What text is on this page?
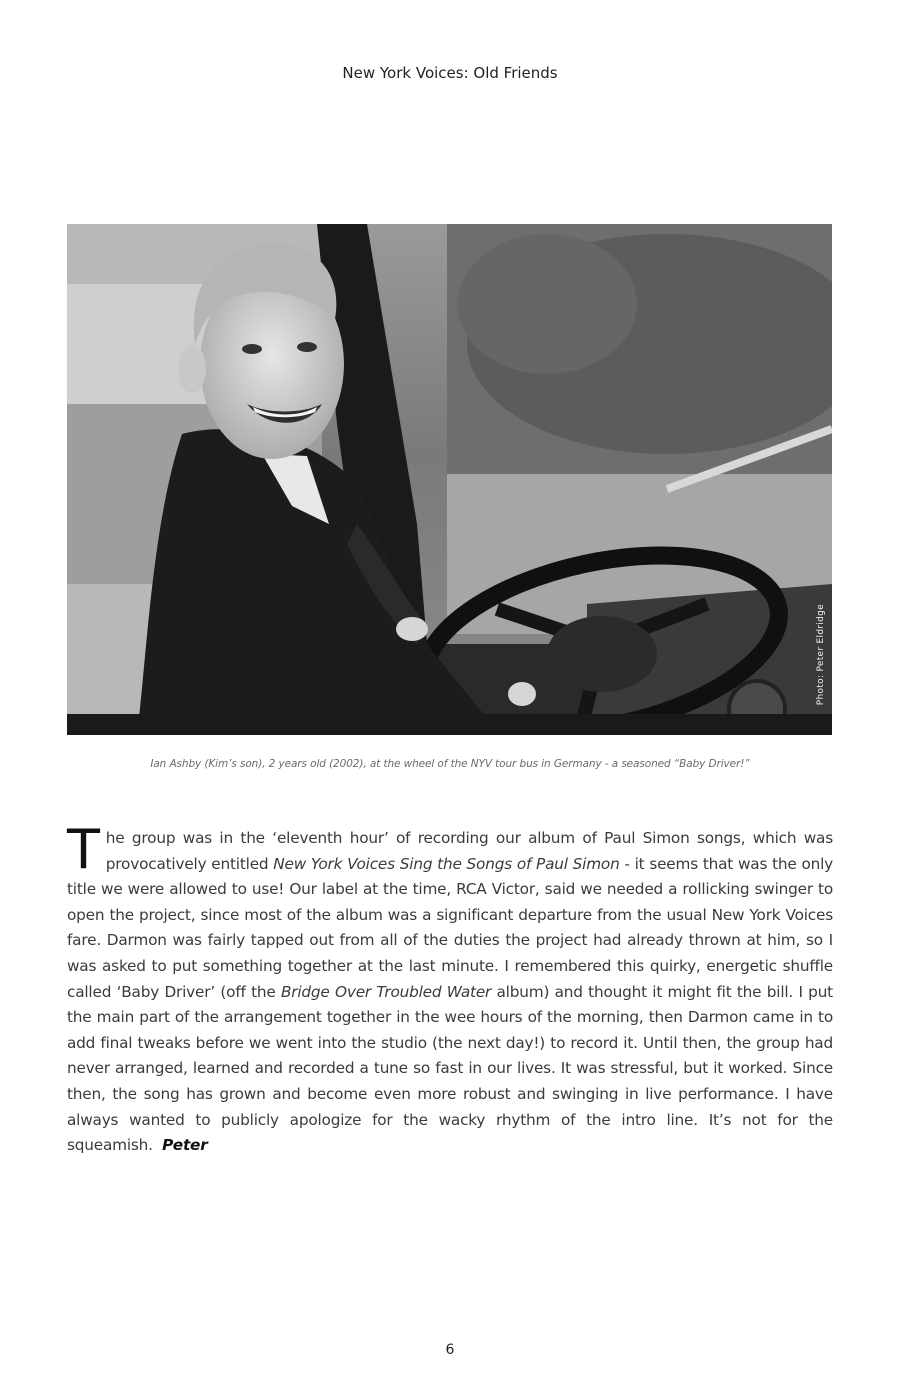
New York Voices: Old Friends
Photo: Peter Eldridge
Ian Ashby (Kim’s son), 2 years old (2002), at the wheel of the NYV tour bus in Germany - a seasoned “Baby Driver!”
The group was in the ‘eleventh hour’ of recording our album of Paul Simon songs, which was provocatively entitled New York Voices Sing the Songs of Paul Simon - it seems that was the only title we were allowed to use! Our label at the time, RCA Victor, said we needed a rollicking swinger to open the project, since most of the album was a significant departure from the usual New York Voices fare. Darmon was fairly tapped out from all of the duties the project had already thrown at him, so I was asked to put something together at the last minute. I remembered this quirky, energetic shuffle called ‘Baby Driver’ (off the Bridge Over Troubled Water album) and thought it might fit the bill. I put the main part of the arrangement together in the wee hours of the morning, then Darmon came in to add final tweaks before we went into the studio (the next day!) to record it. Until then, the group had never arranged, learned and recorded a tune so fast in our lives. It was stressful, but it worked. Since then, the song has grown and become even more robust and swinging in live performance. I have always wanted to publicly apologize for the wacky rhythm of the intro line. It’s not for the squeamish. Peter
6
